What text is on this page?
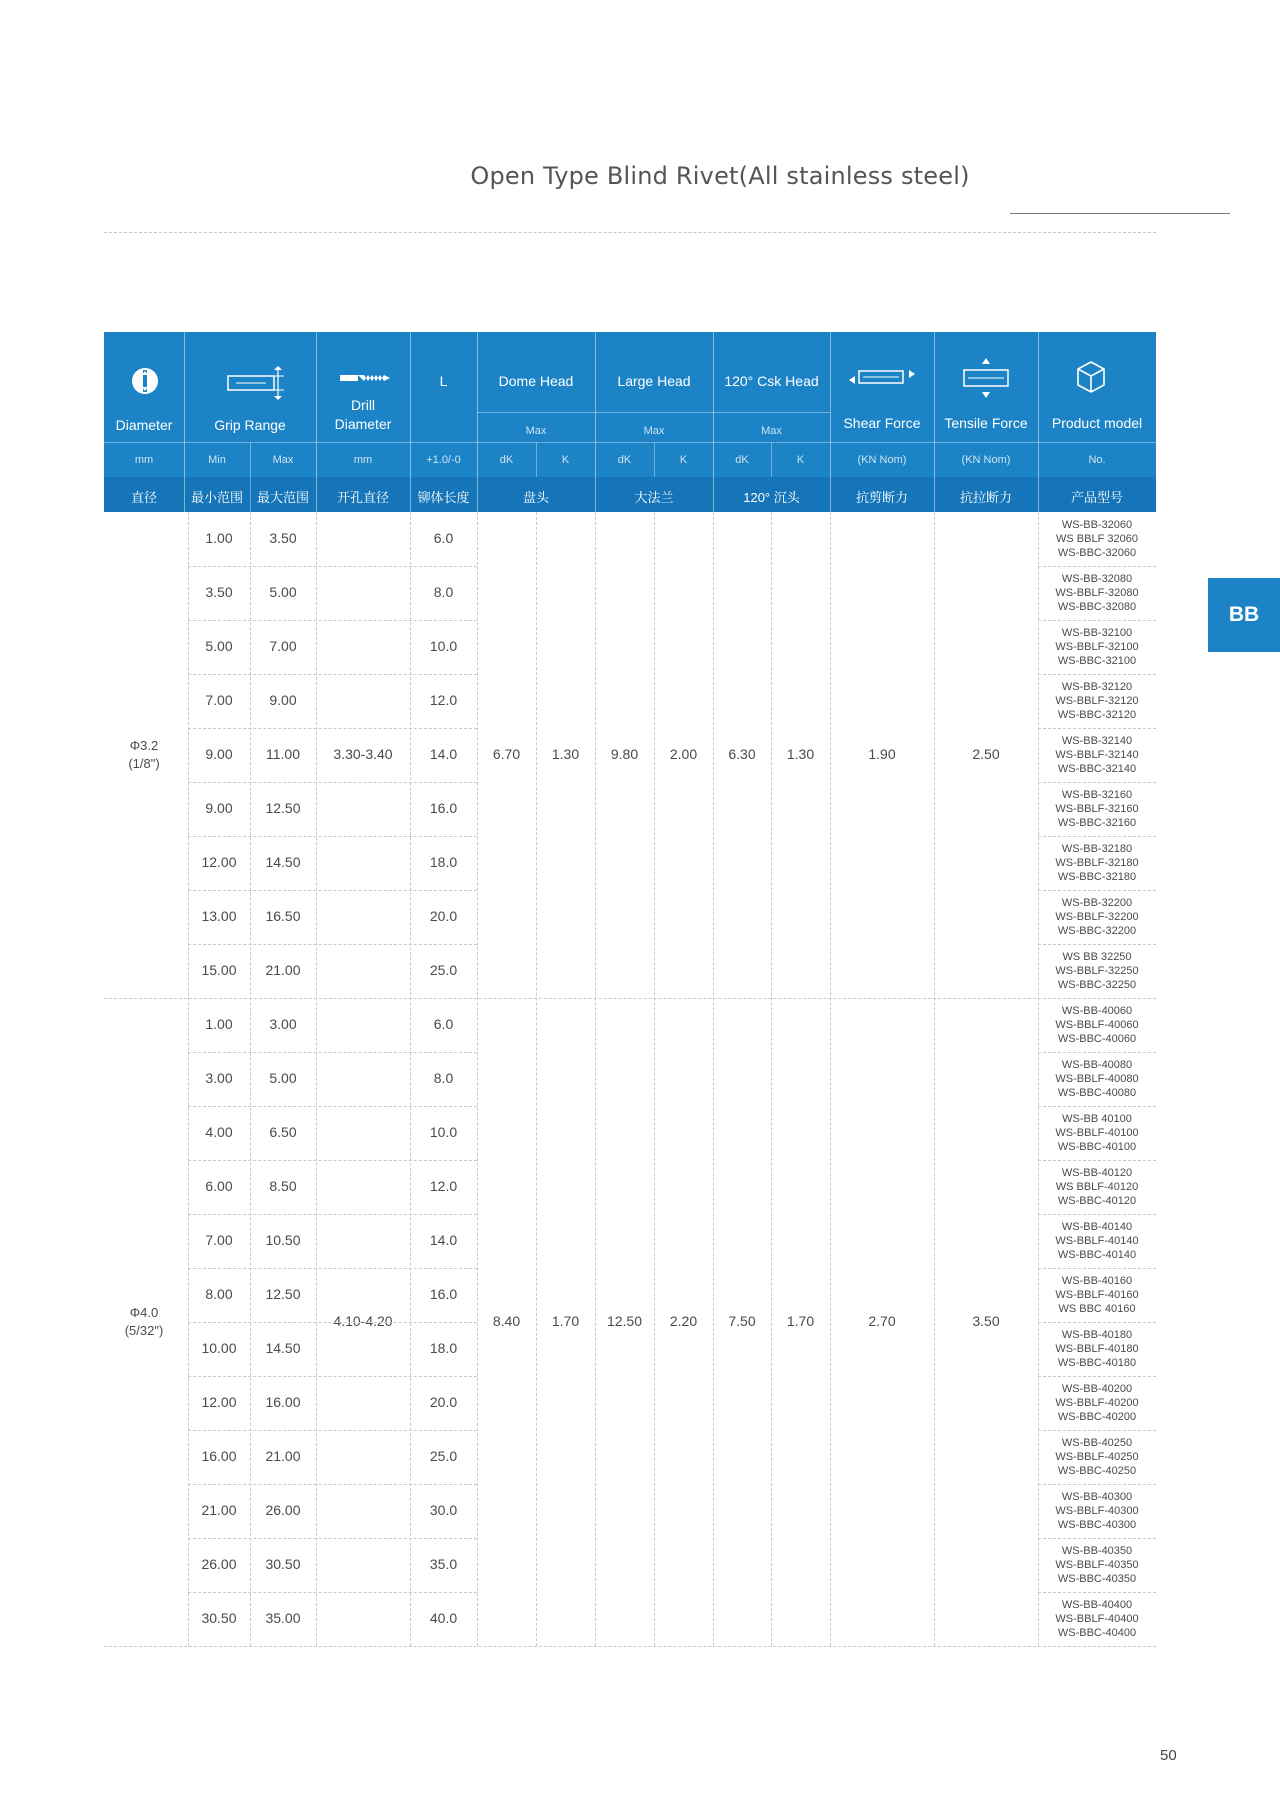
Open Type Blind Rivet(All stainless steel)
BB
Diameter
mm
直径
Grip Range
Min	Max
最小范围	最大范围
Drill
Diameter
mm
开孔直径
L
+1.0/-0
铆体长度
Dome Head
Max
dK	K
盘头
Large Head
Max
dK	K
大法兰
120° Csk Head
Max
dK	K
120° 沉头
Shear Force
(KN Nom)
抗剪断力
Tensile Force
(KN Nom)
抗拉断力
Product model
No.
产品型号
Φ3.2
(1/8")
3.30-3.40	6.70	1.30	9.80	2.00	6.30	1.30	1.90	2.50
1.00	3.50	6.0
WS-BB-32060
WS BBLF 32060
WS-BBC-32060
3.50	5.00	8.0
WS-BB-32080
WS-BBLF-32080
WS-BBC-32080
5.00	7.00	10.0
WS-BB-32100
WS-BBLF-32100
WS-BBC-32100
7.00	9.00	12.0
WS-BB-32120
WS-BBLF-32120
WS-BBC-32120
9.00	11.00	14.0
WS-BB-32140
WS-BBLF-32140
WS-BBC-32140
9.00	12.50	16.0
WS-BB-32160
WS-BBLF-32160
WS-BBC-32160
12.00	14.50	18.0
WS-BB-32180
WS-BBLF-32180
WS-BBC-32180
13.00	16.50	20.0
WS-BB-32200
WS-BBLF-32200
WS-BBC-32200
15.00	21.00	25.0
WS BB 32250
WS-BBLF-32250
WS-BBC-32250
Φ4.0
(5/32")
4.10-4.20	8.40	1.70	12.50	2.20	7.50	1.70	2.70	3.50
1.00	3.00	6.0
WS-BB-40060
WS-BBLF-40060
WS-BBC-40060
3.00	5.00	8.0
WS-BB-40080
WS-BBLF-40080
WS-BBC-40080
4.00	6.50	10.0
WS-BB 40100
WS-BBLF-40100
WS-BBC-40100
6.00	8.50	12.0
WS-BB-40120
WS BBLF-40120
WS-BBC-40120
7.00	10.50	14.0
WS-BB-40140
WS-BBLF-40140
WS-BBC-40140
8.00	12.50	16.0
WS-BB-40160
WS-BBLF-40160
WS BBC 40160
10.00	14.50	18.0
WS-BB-40180
WS-BBLF-40180
WS-BBC-40180
12.00	16.00	20.0
WS-BB-40200
WS-BBLF-40200
WS-BBC-40200
16.00	21.00	25.0
WS-BB-40250
WS-BBLF-40250
WS-BBC-40250
21.00	26.00	30.0
WS-BB-40300
WS-BBLF-40300
WS-BBC-40300
26.00	30.50	35.0
WS-BB-40350
WS-BBLF-40350
WS-BBC-40350
30.50	35.00	40.0
WS-BB-40400
WS-BBLF-40400
WS-BBC-40400
50
